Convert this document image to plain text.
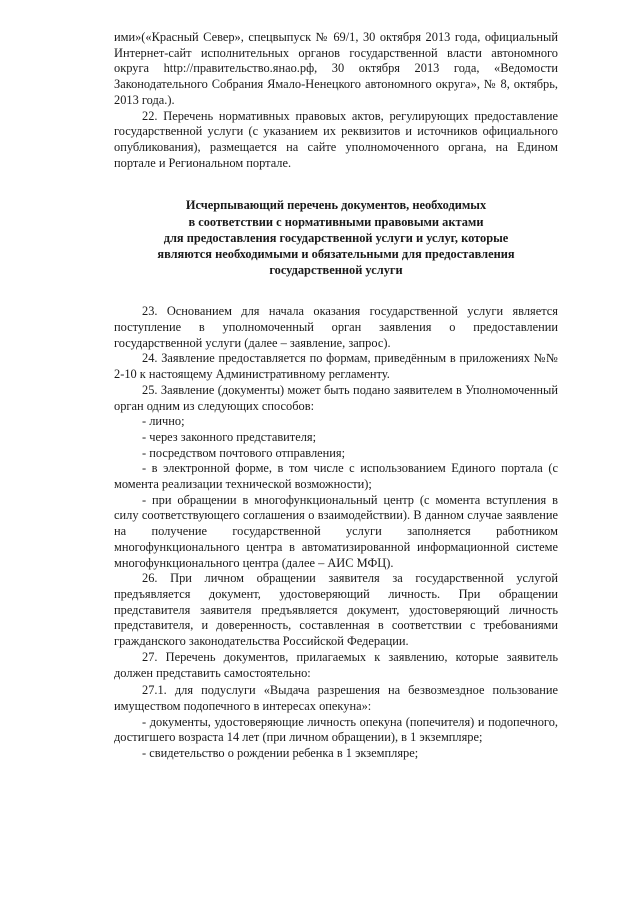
ими»(«Красный Север», спецвыпуск № 69/1, 30 октября 2013 года, официальный Интернет-сайт исполнительных органов государственной власти автономного округа http://правительство.янао.рф, 30 октября 2013 года, «Ведомости Законодательного Собрания Ямало-Ненецкого автономного округа», № 8, октябрь, 2013 года.).

22. Перечень нормативных правовых актов, регулирующих предоставление государственной услуги (с указанием их реквизитов и источников официального опубликования), размещается на сайте уполномоченного органа, на Едином портале и Региональном портале.

Исчерпывающий перечень документов, необходимых
в соответствии с нормативными правовыми актами
для предоставления государственной услуги и услуг, которые
являются необходимыми и обязательными для предоставления
государственной услуги

23. Основанием для начала оказания государственной услуги является поступление в уполномоченный орган заявления о предоставлении государственной услуги (далее – заявление, запрос).

24. Заявление предоставляется по формам, приведённым в приложениях №№ 2-10 к настоящему Административному регламенту.

25. Заявление (документы) может быть подано заявителем в Уполномоченный орган одним из следующих способов:

- лично;

- через законного представителя;

- посредством почтового отправления;

- в электронной форме, в том числе с использованием Единого портала (с момента реализации технической возможности);

- при обращении в многофункциональный центр (с момента вступления в силу соответствующего соглашения о взаимодействии). В данном случае заявление на получение государственной услуги заполняется работником многофункционального центра в автоматизированной информационной системе многофункционального центра (далее – АИС МФЦ).

26. При личном обращении заявителя за государственной услугой предъявляется документ, удостоверяющий личность. При обращении представителя заявителя предъявляется документ, удостоверяющий личность представителя, и доверенность, составленная в соответствии с требованиями гражданского законодательства Российской Федерации.

27. Перечень документов, прилагаемых к заявлению, которые заявитель должен представить самостоятельно:

27.1. для подуслуги «Выдача разрешения на безвозмездное пользование имуществом подопечного в интересах опекуна»:

- документы, удостоверяющие личность опекуна (попечителя) и подопечного, достигшего возраста 14 лет (при личном обращении), в 1 экземпляре;

- свидетельство о рождении ребенка в 1 экземпляре;
